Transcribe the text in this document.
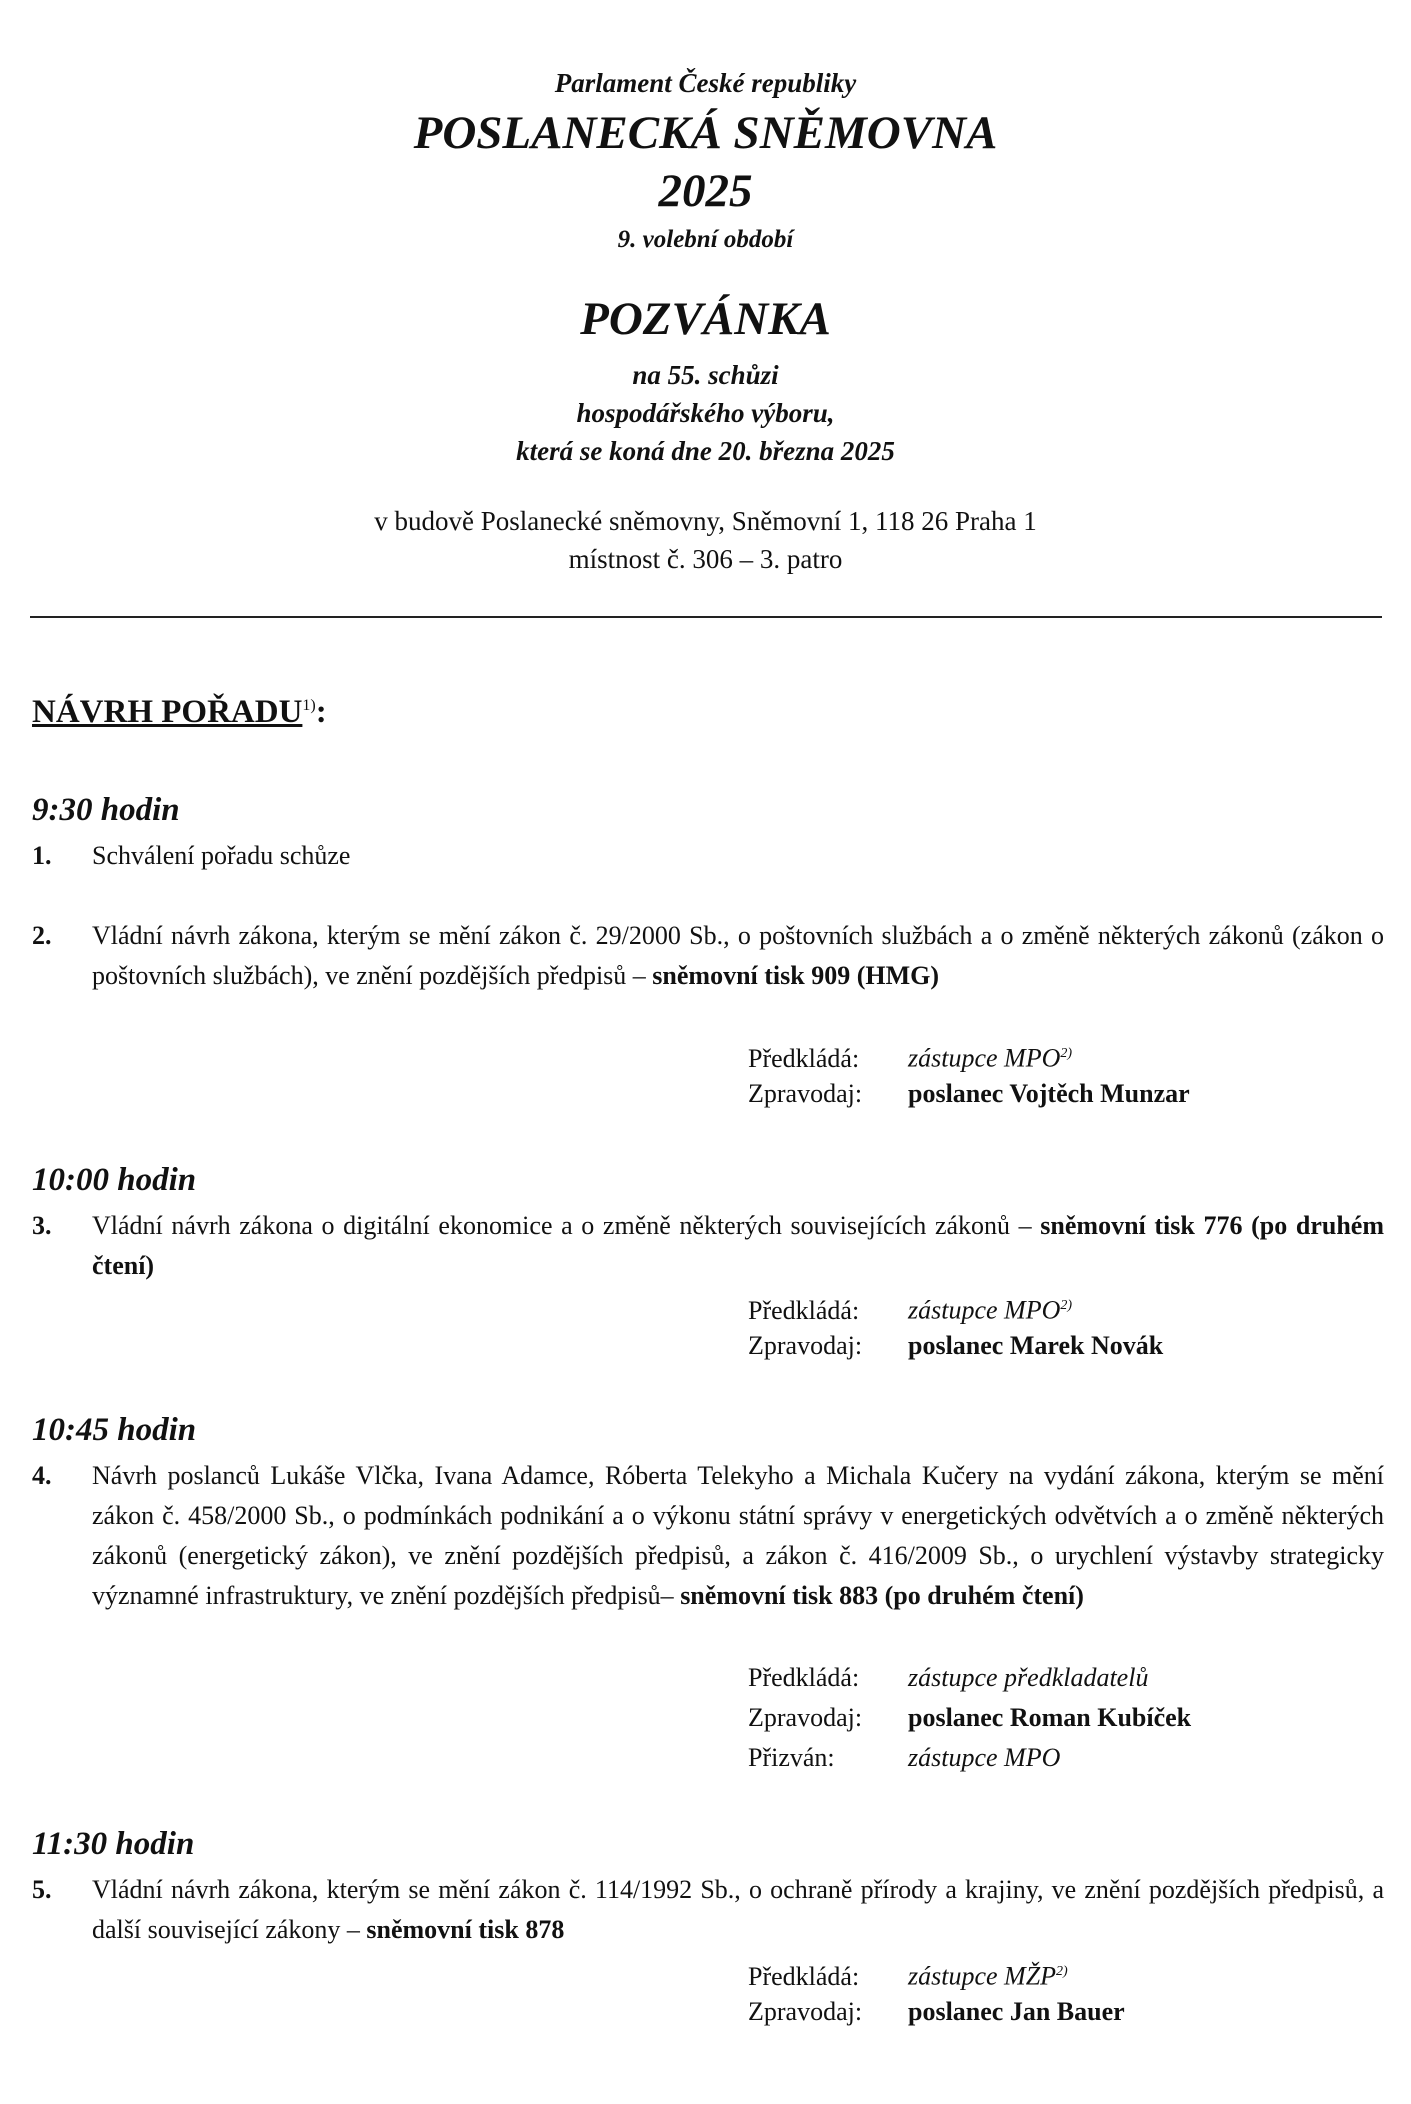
Parlament České republiky
POSLANECKÁ SNĚMOVNA
2025
9. volební období
POZVÁNKA
na 55. schůzi
hospodářského výboru,
která se koná dne 20. března 2025
v budově Poslanecké sněmovny, Sněmovní 1, 118 26 Praha 1
místnost č. 306 – 3. patro
NÁVRH POŘADU$^{1)}$:
9:30 hodin
1.	Schválení pořadu schůze
2.	Vládní návrh zákona, kterým se mění zákon č. 29/2000 Sb., o poštovních službách a o změně některých zákonů (zákon o poštovních službách), ve znění pozdějších předpisů – sněmovní tisk 909 (HMG)
Předkládá: zástupce MPO$^{2)}$
Zpravodaj: poslanec Vojtěch Munzar
10:00 hodin
3.	Vládní návrh zákona o digitální ekonomice a o změně některých souvisejících zákonů – sněmovní tisk 776 (po druhém čtení)
Předkládá: zástupce MPO$^{2)}$
Zpravodaj: poslanec Marek Novák
10:45 hodin
4.	Návrh poslanců Lukáše Vlčka, Ivana Adamce, Róberta Telekyho a Michala Kučery na vydání zákona, kterým se mění zákon č. 458/2000 Sb., o podmínkách podnikání a o výkonu státní správy v energetických odvětvích a o změně některých zákonů (energetický zákon), ve znění pozdějších předpisů, a zákon č. 416/2009 Sb., o urychlení výstavby strategicky významné infrastruktury, ve znění pozdějších předpisů– sněmovní tisk 883 (po druhém čtení)
Předkládá: zástupce předkladatelů
Zpravodaj: poslanec Roman Kubíček
Přizván:	zástupce MPO
11:30 hodin
5.	Vládní návrh zákona, kterým se mění zákon č. 114/1992 Sb., o ochraně přírody a krajiny, ve znění pozdějších předpisů, a další související zákony – sněmovní tisk 878
Předkládá: zástupce MŽP$^{2)}$
Zpravodaj: poslanec Jan Bauer
